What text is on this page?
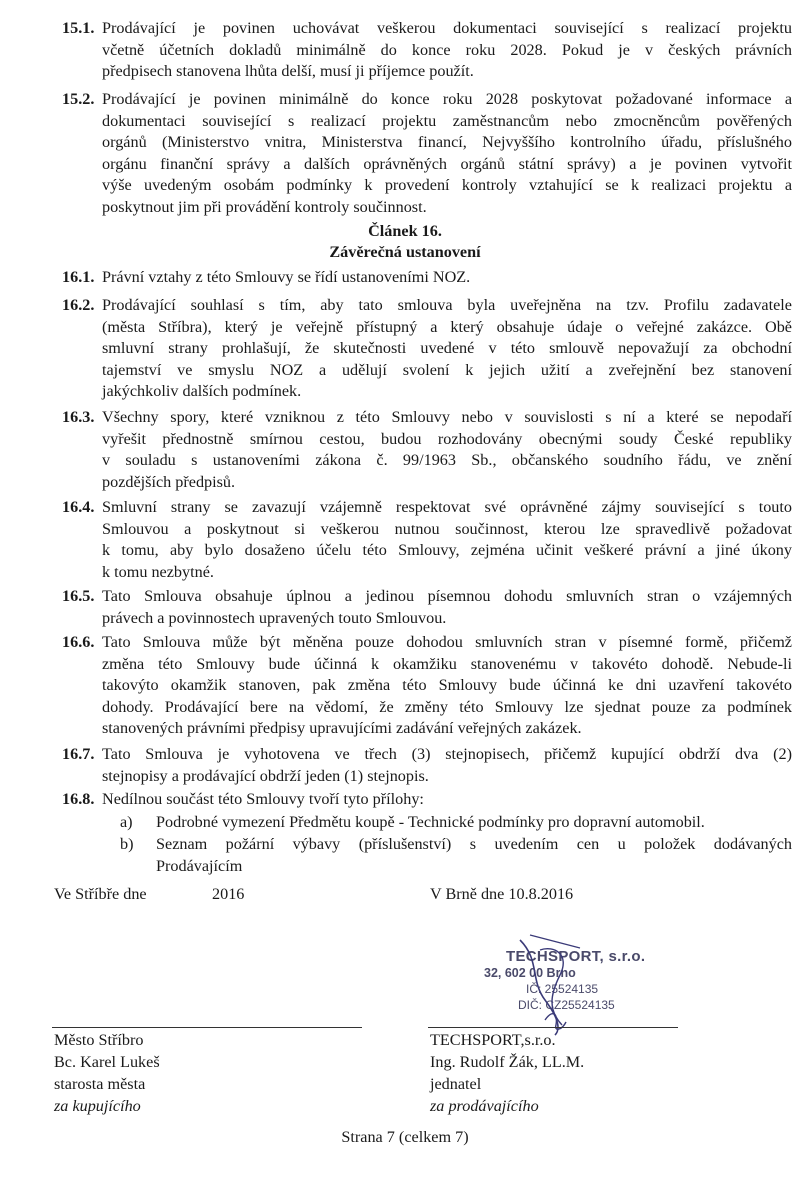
15.1. Prodávající je povinen uchovávat veškerou dokumentaci související s realizací projektu
včetně účetních dokladů minimálně do konce roku 2028. Pokud je v českých právních
předpisech stanovena lhůta delší, musí ji příjemce použít.
15.2. Prodávající je povinen minimálně do konce roku 2028 poskytovat požadované informace a
dokumentaci související s realizací projektu zaměstnancům nebo zmocněncům pověřených
orgánů (Ministerstvo vnitra, Ministerstva financí, Nejvyššího kontrolního úřadu, příslušného
orgánu finanční správy a dalších oprávněných orgánů státní správy) a je povinen vytvořit
výše uvedeným osobám podmínky k provedení kontroly vztahující se k realizaci projektu a
poskytnout jim při provádění kontroly součinnost.
Článek 16.
Závěrečná ustanovení
16.1. Právní vztahy z této Smlouvy se řídí ustanoveními NOZ.
16.2. Prodávající souhlasí s tím, aby tato smlouva byla uveřejněna na tzv. Profilu zadavatele
(města Stříbra), který je veřejně přístupný a který obsahuje údaje o veřejné zakázce. Obě
smluvní strany prohlašují, že skutečnosti uvedené v této smlouvě nepovažují za obchodní
tajemství ve smyslu NOZ a udělují svolení k jejich užití a zveřejnění bez stanovení
jakýchkoliv dalších podmínek.
16.3. Všechny spory, které vzniknou z této Smlouvy nebo v souvislosti s ní a které se nepodaří
vyřešit přednostně smírnou cestou, budou rozhodovány obecnými soudy České republiky
v souladu s ustanoveními zákona č. 99/1963 Sb., občanského soudního řádu, ve znění
pozdějších předpisů.
16.4. Smluvní strany se zavazují vzájemně respektovat své oprávněné zájmy související s touto
Smlouvou a poskytnout si veškerou nutnou součinnost, kterou lze spravedlivě požadovat
k tomu, aby bylo dosaženo účelu této Smlouvy, zejména učinit veškeré právní a jiné úkony
k tomu nezbytné.
16.5. Tato Smlouva obsahuje úplnou a jedinou písemnou dohodu smluvních stran o vzájemných
právech a povinnostech upravených touto Smlouvou.
16.6. Tato Smlouva může být měněna pouze dohodou smluvních stran v písemné formě, přičemž
změna této Smlouvy bude účinná k okamžiku stanovenému v takovéto dohodě. Nebude-li
takovýto okamžik stanoven, pak změna této Smlouvy bude účinná ke dni uzavření takovéto
dohody. Prodávající bere na vědomí, že změny této Smlouvy lze sjednat pouze za podmínek
stanovených právními předpisy upravujícími zadávání veřejných zakázek.
16.7. Tato Smlouva je vyhotovena ve třech (3) stejnopisech, přičemž kupující obdrží dva (2)
stejnopisy a prodávající obdrží jeden (1) stejnopis.
16.8. Nedílnou součást této Smlouvy tvoří tyto přílohy:
a) Podrobné vymezení Předmětu koupě - Technické podmínky pro dopravní automobil.
b) Seznam požární výbavy (příslušenství) s uvedením cen u položek dodávaných
Prodávajícím
Ve Stříbře dne	2016	V Brně dne 10.8.2016
TECHSPORT, s.r.o.
32, 602 00 Brno
IČ: 25524135
DIČ: CZ25524135
Město Stříbro
Bc. Karel Lukeš
starosta města
za kupujícího
TECHSPORT,s.r.o.
Ing. Rudolf Žák, LL.M.
jednatel
za prodávajícího
Strana 7 (celkem 7)
